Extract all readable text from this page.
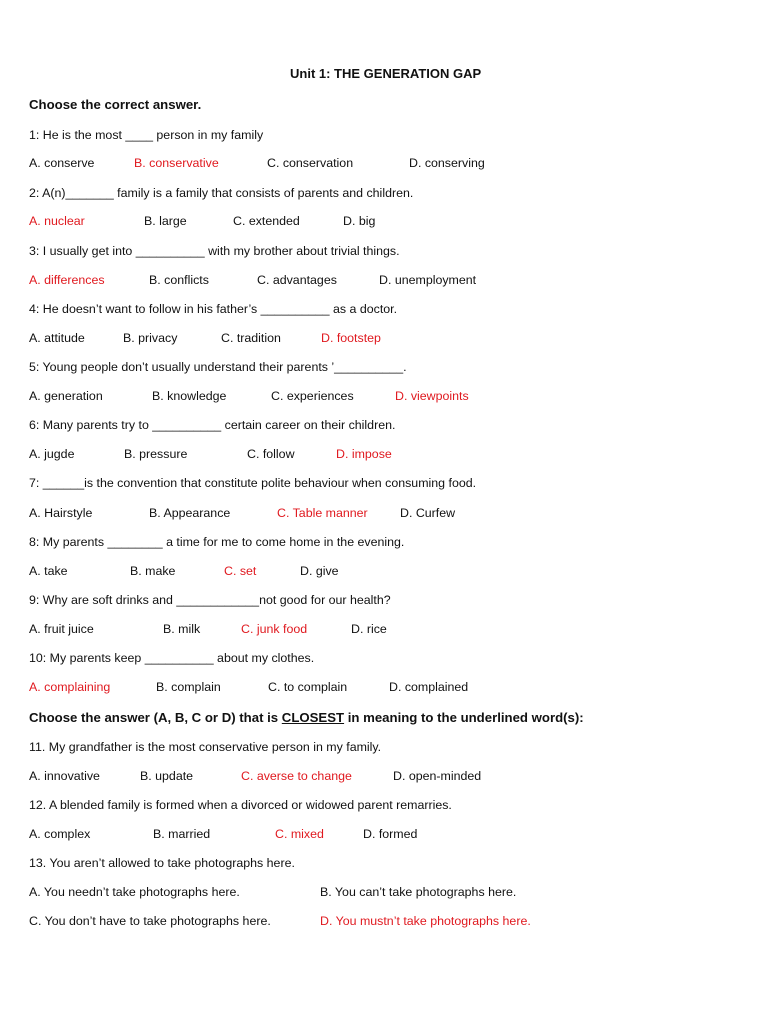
Unit 1: THE GENERATION GAP
Choose the correct answer.
Choose the answer (A, B, C or D) that is CLOSEST in meaning to the underlined word(s):
1: He is the most ____ person in my family
A. conserve	B. conservative	C. conservation	D. conserving
2: A(n)_______ family is a family that consists of parents and children.
A. nuclear	B. large	C. extended	D. big
3: I usually get into __________ with my brother about trivial things.
A. differences	B. conflicts	C. advantages	D. unemployment
4: He doesn’t want to follow in his father’s __________ as a doctor.
A. attitude	B. privacy	C. tradition	D. footstep
5: Young people don’t usually understand their parents ’__________.
A. generation	B. knowledge	C. experiences	D. viewpoints
6: Many parents try to __________ certain career on their children.
A. jugde	B. pressure	C. follow	D. impose
7: ______is the convention that constitute polite behaviour when consuming food.
A. Hairstyle	B. Appearance	C. Table manner	D. Curfew
8: My parents ________ a time for me to come home in the evening.
A. take	B. make	C. set	D. give
9: Why are soft drinks and ____________not good for our health?
A. fruit juice	B. milk	C. junk food	D. rice
10: My parents keep __________ about my clothes.
A. complaining	B. complain	C. to complain	D. complained
11. My grandfather is the most conservative person in my family.
A. innovative	B. update	C. averse to change	D. open-minded
12. A blended family is formed when a divorced or widowed parent remarries.
A. complex	B. married	C. mixed	D. formed
13. You aren’t allowed to take photographs here.
A. You needn’t take photographs here.	B. You can’t take photographs here.
C. You don’t have to take photographs here.	D. You mustn’t take photographs here.
